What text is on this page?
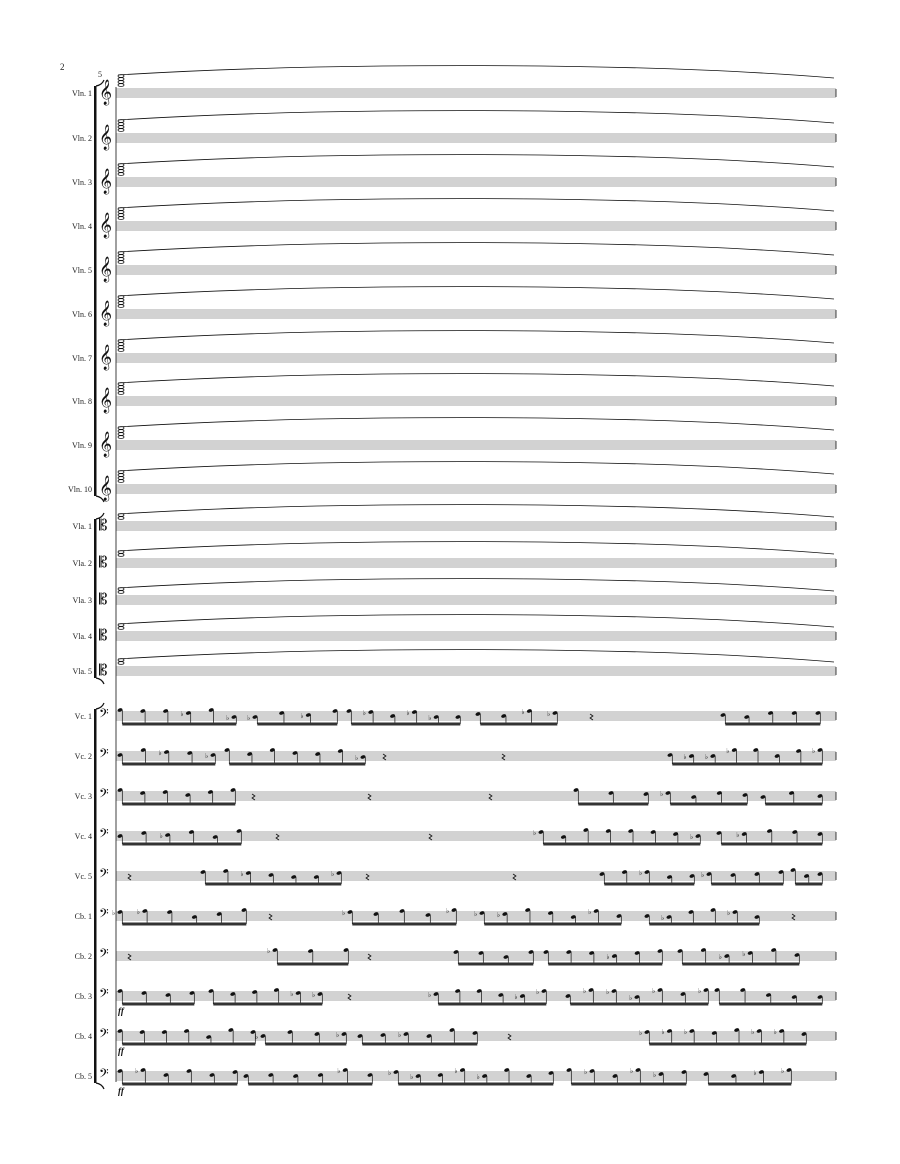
2
5
Vln. 1 𝄞
Vln. 2 𝄞
Vln. 3 𝄞
Vln. 4 𝄞
Vln. 5 𝄞
Vln. 6 𝄞
Vln. 7 𝄞
Vln. 8 𝄞
Vln. 9 𝄞
Vln. 10 𝄞
Vla. 1 𝄡
Vla. 2 𝄡
Vla. 3 𝄡
Vla. 4 𝄡
Vla. 5 𝄡
Vc. 1 𝄢	♭	♭	♭	♭	♭	♭
♭
♭	♭
Vc. 2 𝄢	♭	♭	♭	♭	♭
♭	♭
Vc. 3 𝄢	♭
Vc. 4 𝄢	♭	♭	♭	♭
Vc. 5 𝄢	♭	♭	♭	♭
Cb. 1 𝄢 ♭	♭	♭	♭	♭	♭	♭
♭
♭
Cb. 2 𝄢	♭
♭	♭	♭
Cb. 3 𝄢	♭	♭	♭	♭
♭	♭	♭
♭
♭	♭
ff
Cb. 4 𝄢	♭	♭	♭	♭	♭	♭	♭	♭
ff
Cb. 5 𝄢	♭	♭	♭	♭
♭
♭
♭	♭	♭	♭	♭
ff
